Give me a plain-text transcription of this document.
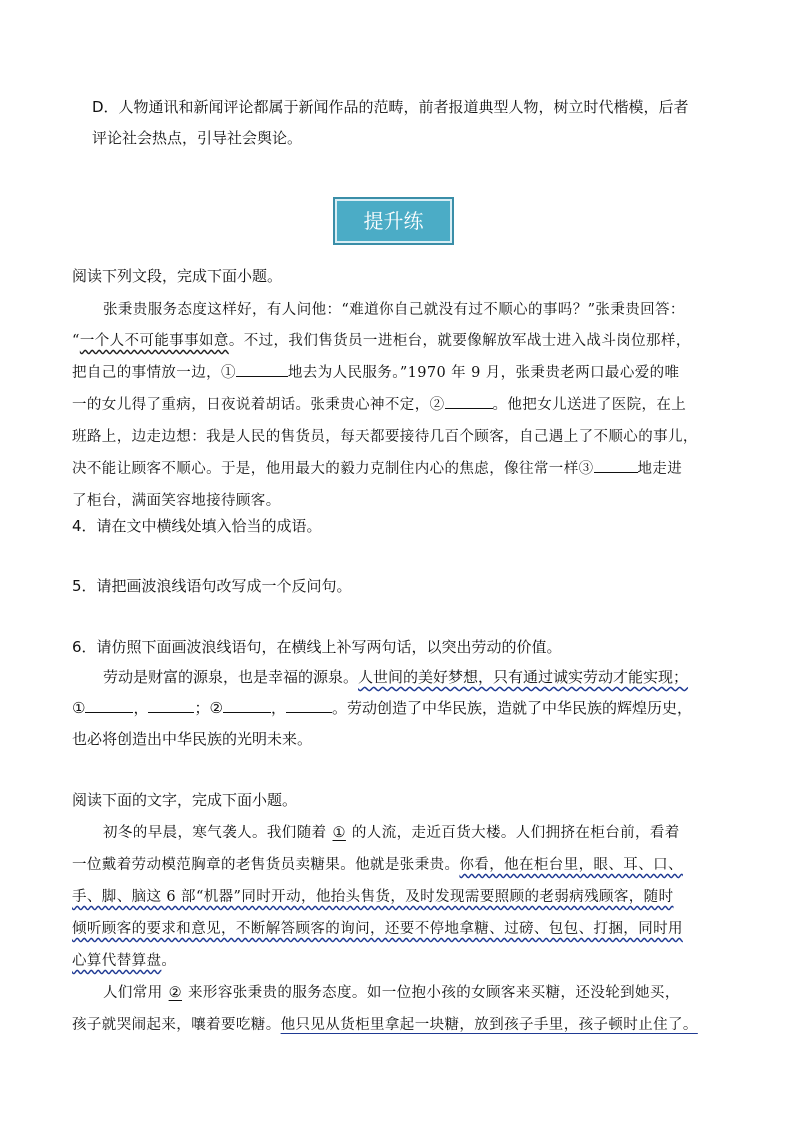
D．人物通讯和新闻评论都属于新闻作品的范畴，前者报道典型人物，树立时代楷模，后者
评论社会热点，引导社会舆论。
提升练
阅读下列文段，完成下面小题。
张秉贵服务态度这样好，有人问他：“难道你自己就没有过不顺心的事吗？”张秉贵回答：
“一个人不可能事事如意。不过，我们售货员一进柜台，就要像解放军战士进入战斗岗位那样，
把自己的事情放一边，①	地去为人民服务。”1970 年 9 月，张秉贵老两口最心爱的唯
一的女儿得了重病，日夜说着胡话。张秉贵心神不定，②	。他把女儿送进了医院，在上
班路上，边走边想：我是人民的售货员，每天都要接待几百个顾客，自己遇上了不顺心的事儿，
决不能让顾客不顺心。于是，他用最大的毅力克制住内心的焦虑，像往常一样③	地走进
了柜台，满面笑容地接待顾客。
4．请在文中横线处填入恰当的成语。
5．请把画波浪线语句改写成一个反问句。
6．请仿照下面画波浪线语句，在横线上补写两句话，以突出劳动的价值。
劳动是财富的源泉，也是幸福的源泉。人世间的美好梦想，只有通过诚实劳动才能实现；
①	，	；②	，	。劳动创造了中华民族，造就了中华民族的辉煌历史，
也必将创造出中华民族的光明未来。
阅读下面的文字，完成下面小题。
初冬的早晨，寒气袭人。我们随着 ① 的人流，走近百货大楼。人们拥挤在柜台前，看着
一位戴着劳动模范胸章的老售货员卖糖果。他就是张秉贵。你看，他在柜台里，眼、耳、口、
手、脚、脑这 6 部“机器”同时开动，他抬头售货，及时发现需要照顾的老弱病残顾客，随时
倾听顾客的要求和意见，不断解答顾客的询问，还要不停地拿糖、过磅、包包、打捆，同时用
心算代替算盘。
人们常用 ② 来形容张秉贵的服务态度。如一位抱小孩的女顾客来买糖，还没轮到她买，
孩子就哭闹起来，嚷着要吃糖。他只见从货柜里拿起一块糖，放到孩子手里，孩子顿时止住了。
